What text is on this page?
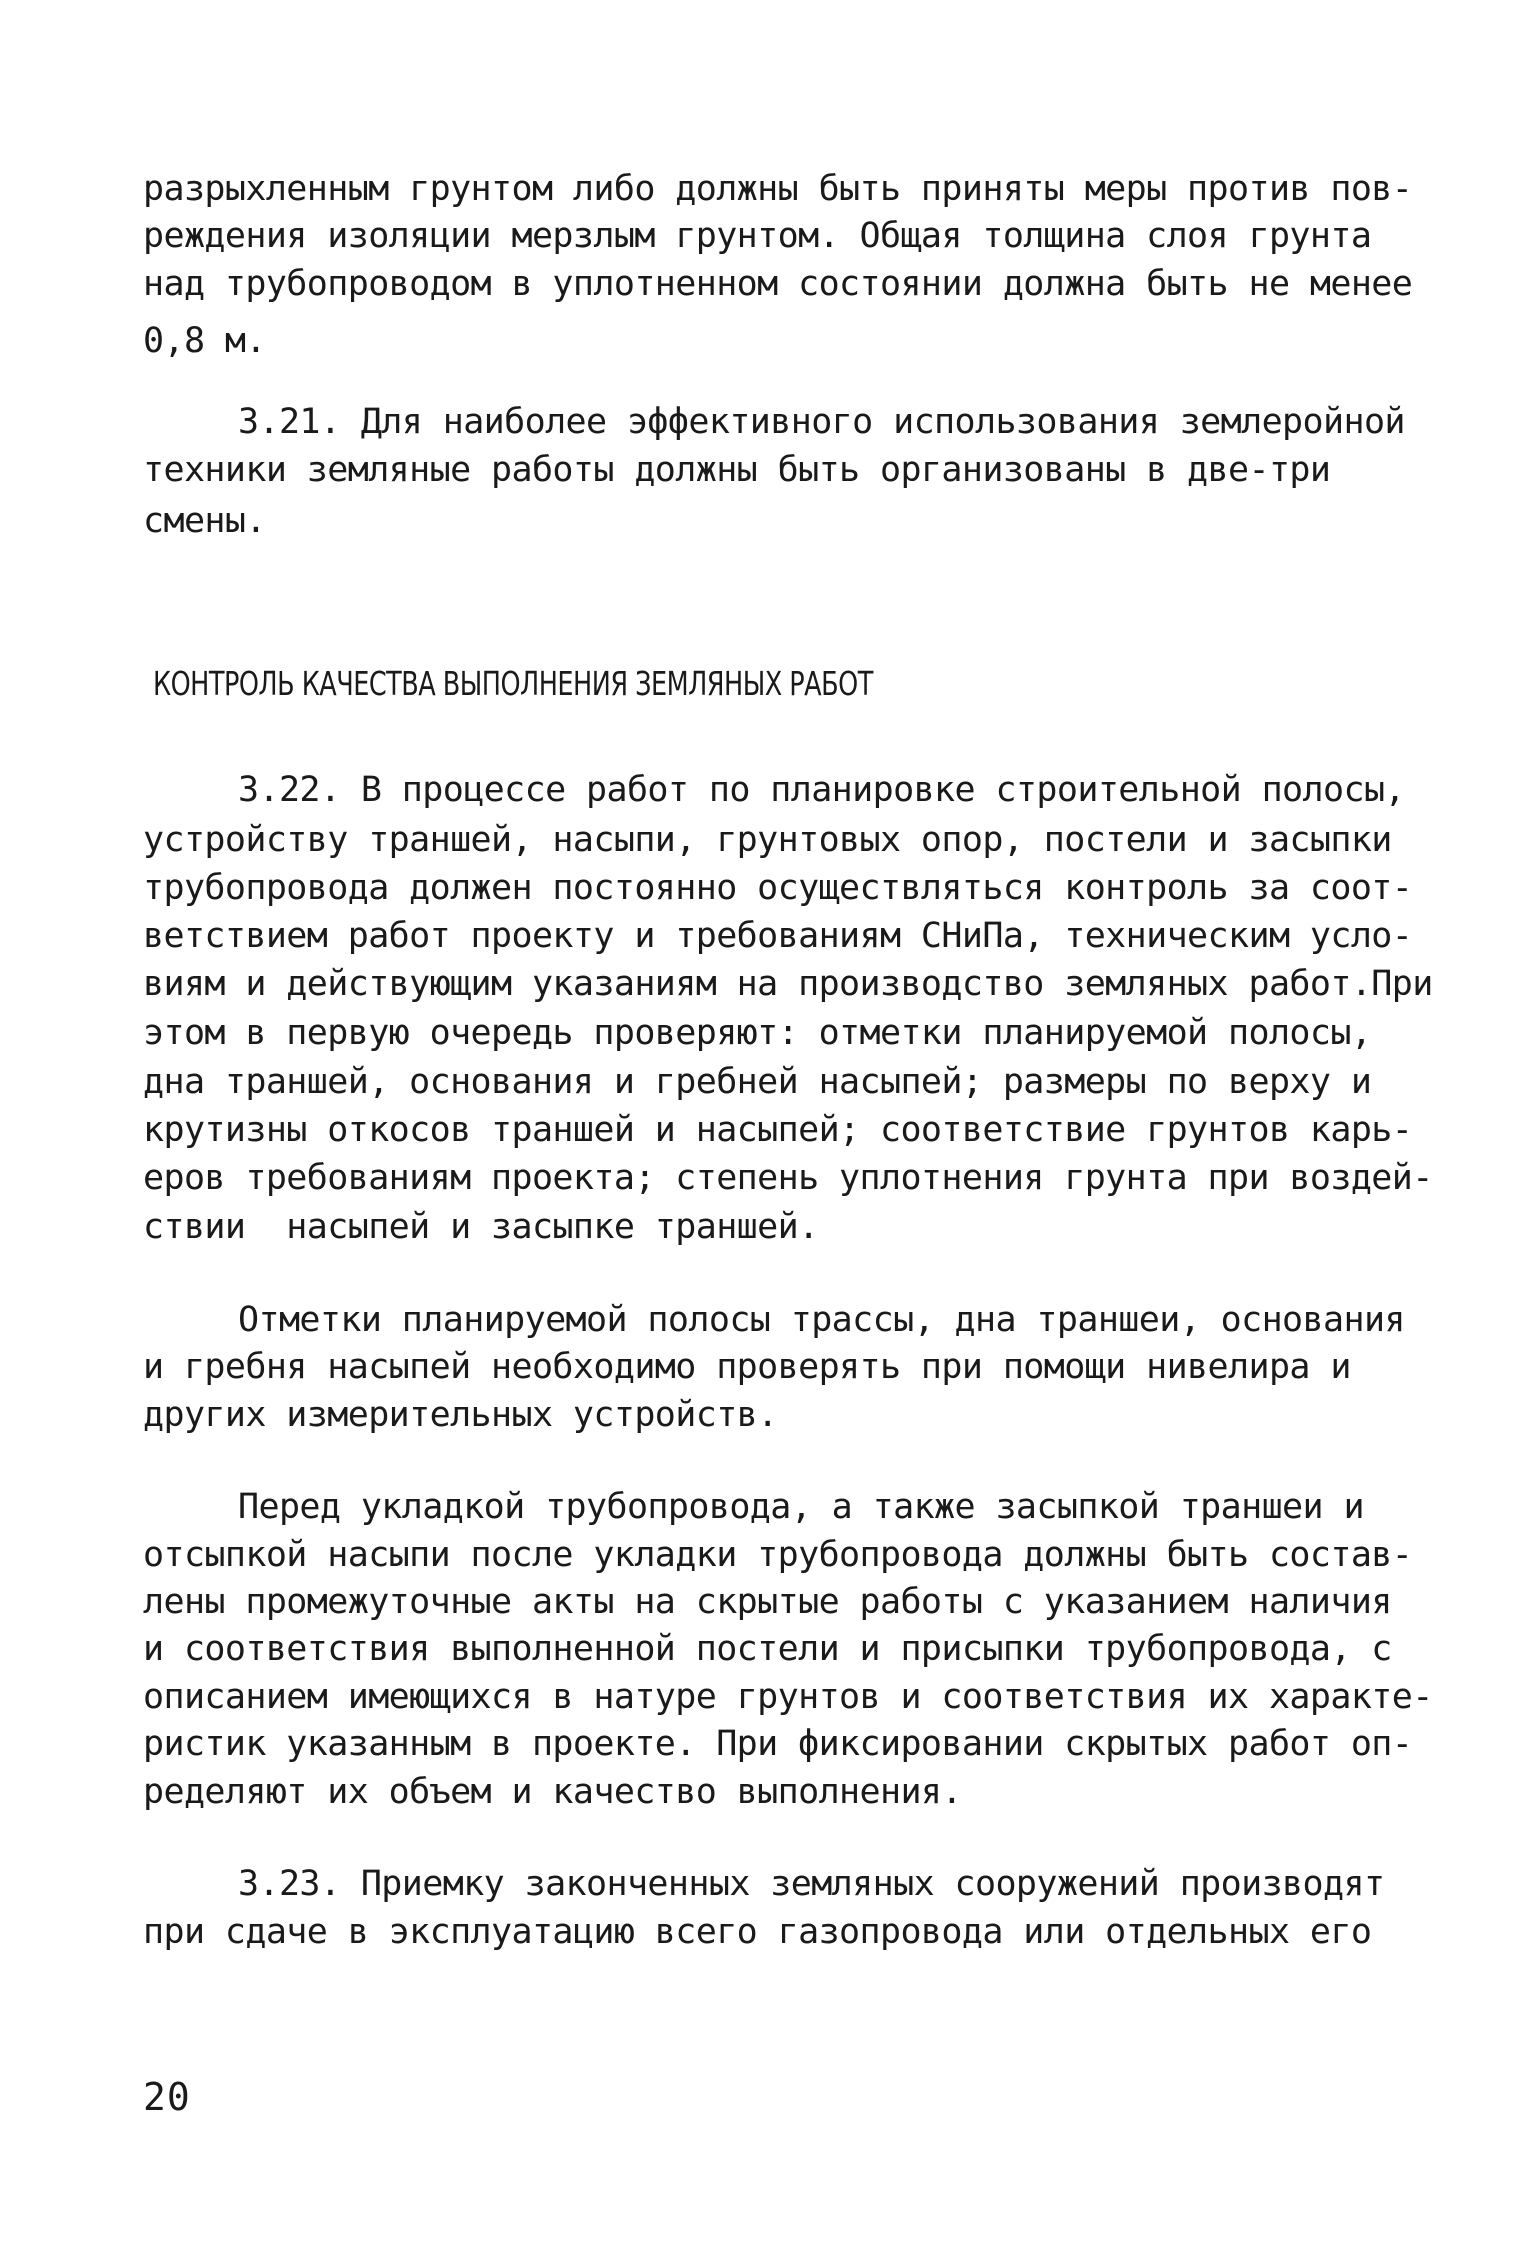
разрыхленным грунтом либо должны быть приняты меры против пов-
реждения изоляции мерзлым грунтом. Общая толщина слоя грунта
над трубопроводом в уплотненном состоянии должна быть не менее
0,8 м.
3.21. Для наиболее эффективного использования землеройной
техники земляные работы должны быть организованы в две-три
смены.
КОНТРОЛЬ КАЧЕСТВА ВЫПОЛНЕНИЯ ЗЕМЛЯНЫХ РАБОТ
3.22. В процессе работ по планировке строительной полосы,
устройству траншей, насыпи, грунтовых опор, постели и засыпки
трубопровода должен постоянно осуществляться контроль за соот-
ветствием работ проекту и требованиям СНиПа, техническим усло-
виям и действующим указаниям на производство земляных работ.При
этом в первую очередь проверяют: отметки планируемой полосы,
дна траншей, основания и гребней насыпей; размеры по верху и
крутизны откосов траншей и насыпей; соответствие грунтов карь-
еров требованиям проекта; степень уплотнения грунта при воздей-
ствии  насыпей и засыпке траншей.
Отметки планируемой полосы трассы, дна траншеи, основания
и гребня насыпей необходимо проверять при помощи нивелира и
других измерительных устройств.
Перед укладкой трубопровода, а также засыпкой траншеи и
отсыпкой насыпи после укладки трубопровода должны быть состав-
лены промежуточные акты на скрытые работы с указанием наличия
и соответствия выполненной постели и присыпки трубопровода, с
описанием имеющихся в натуре грунтов и соответствия их характе-
ристик указанным в проекте. При фиксировании скрытых работ оп-
ределяют их объем и качество выполнения.
3.23. Приемку законченных земляных сооружений производят
при сдаче в эксплуатацию всего газопровода или отдельных его
20
